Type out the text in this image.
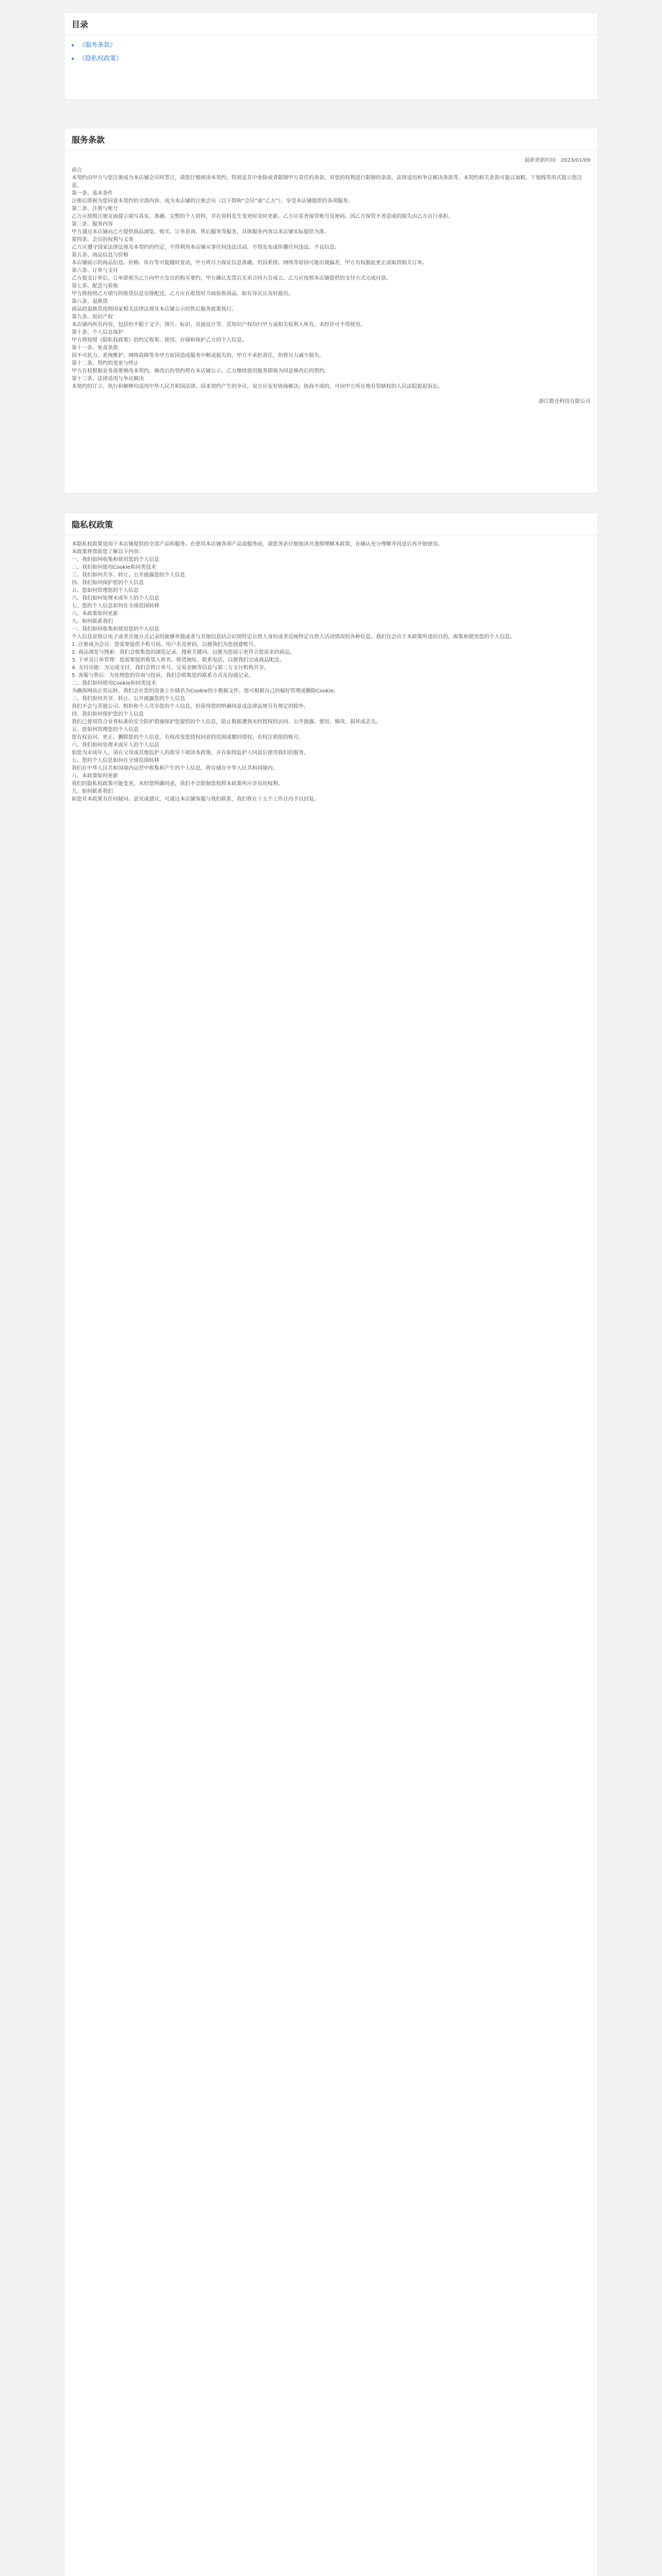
目录
• 《服务条款》
• 《隐私权政策》
服务条款
最新更新时间：2023/01/09

前言

本契约由甲方与您注册成为本店铺会员时签订，请您仔细阅读本契约，特别是其中免除或者限制甲方责任的条款、对您的权利进行限制的条款、法律适用和争议解决条款等，本契约相关条款可能以加粗、下划线等形式提示您注意。

第一条、基本条件

注册后即视为您同意本契约的全部内容，成为本店铺的注册会员（以下简称“会员”或“乙方”），享受本店铺提供的各项服务。

第二条、注册与账号

乙方应按照注册页面提示填写真实、准确、完整的个人资料，并在资料发生变更时及时更新。乙方应妥善保管账号及密码，因乙方保管不善造成的损失由乙方自行承担。

第三条、服务内容

甲方通过本店铺向乙方提供商品浏览、购买、订单查询、售后服务等服务，具体服务内容以本店铺实际提供为准。

第四条、会员的权利与义务

乙方应遵守国家法律法规及本契约的约定，不得利用本店铺从事任何违法活动，不得发布或传播任何违法、不良信息。

第五条、商品信息与价格

本店铺展示的商品信息、价格、库存等可能随时变动，甲方将尽力保证信息准确，但因系统、网络等原因可能出现偏差，甲方有权据此更正或取消相关订单。

第六条、订单与支付

乙方提交订单后，订单即视为乙方向甲方发出的购买要约，甲方确认发货后买卖合同方告成立。乙方应按照本店铺提供的支付方式完成付款。

第七条、配送与验收

甲方将按照乙方填写的收货信息安排配送，乙方应在收货时当面验收商品，如有异议应及时提出。

第八条、退换货

商品的退换货按照国家相关法律法规及本店铺公示的售后服务政策执行。

第九条、知识产权

本店铺内所有内容，包括但不限于文字、图片、标识、页面设计等，其知识产权均归甲方或相关权利人所有，未经许可不得使用。

第十条、个人信息保护

甲方将按照《隐私权政策》的约定收集、使用、存储和保护乙方的个人信息。

第十一条、免责条款

因不可抗力、系统维护、网络故障等非甲方原因造成服务中断或损失的，甲方不承担责任，但将尽力减少损失。

第十二条、契约的变更与终止

甲方有权根据业务需要修改本契约，修改后的契约将在本店铺公示，乙方继续使用服务即视为同意修改后的契约。

第十三条、法律适用与争议解决

本契约的订立、执行和解释均适用中华人民共和国法律。因本契约产生的争议，双方应友好协商解决；协商不成的，可向甲方所在地有管辖权的人民法院提起诉讼。

浙江数仓科技有限公司
隐私权政策

本隐私权政策适用于本店铺提供的全部产品和服务。在使用本店铺各项产品或服务前，请您务必仔细阅读并透彻理解本政策，在确认充分理解并同意后再开始使用。

本政策将帮助您了解以下内容：

一、我们如何收集和使用您的个人信息

二、我们如何使用Cookie和同类技术

三、我们如何共享、转让、公开披露您的个人信息

四、我们如何保护您的个人信息

五、您如何管理您的个人信息

六、我们如何处理未成年人的个人信息

七、您的个人信息如何在全球范围转移

八、本政策如何更新

九、如何联系我们

一、我们如何收集和使用您的个人信息

个人信息是指以电子或者其他方式记录的能够单独或者与其他信息结合识别特定自然人身份或者反映特定自然人活动情况的各种信息。我们仅会出于本政策所述的目的，收集和使用您的个人信息。

1. 注册成为会员：您需要提供手机号码、用户名及密码，以便我们为您创建账号。

2. 商品浏览与搜索：我们会收集您的浏览记录、搜索关键词，以便为您展示更符合您需求的商品。

3. 下单及订单管理：您需要提供收货人姓名、收货地址、联系电话，以便我们完成商品配送。

4. 支付功能：为完成支付，我们会将订单号、交易金额等信息与第三方支付机构共享。

5. 客服与售后：为处理您的咨询与投诉，我们会收集您的联系方式及沟通记录。

二、我们如何使用Cookie和同类技术

为确保网站正常运转，我们会在您的设备上存储名为Cookie的小数据文件。您可根据自己的偏好管理或删除Cookie。

三、我们如何共享、转让、公开披露您的个人信息

我们不会与其他公司、组织和个人共享您的个人信息，但获得您的明确同意或法律法规另有规定的除外。

四、我们如何保护您的个人信息

我们已使用符合业界标准的安全防护措施保护您提供的个人信息，防止数据遭到未经授权的访问、公开披露、使用、修改、损坏或丢失。

五、您如何管理您的个人信息

您有权访问、更正、删除您的个人信息，有权改变您授权同意的范围或撤回授权，有权注销您的账号。

六、我们如何处理未成年人的个人信息

如您为未成年人，请在父母或其他监护人的指导下阅读本政策，并在取得监护人同意后使用我们的服务。

七、您的个人信息如何在全球范围转移

我们在中华人民共和国境内运营中收集和产生的个人信息，将存储在中华人民共和国境内。

八、本政策如何更新

我们的隐私权政策可能变更。未经您明确同意，我们不会限制您按照本政策所应享有的权利。

九、如何联系我们

如您对本政策有任何疑问、意见或建议，可通过本店铺客服与我们联系，我们将在十五个工作日内予以回复。
